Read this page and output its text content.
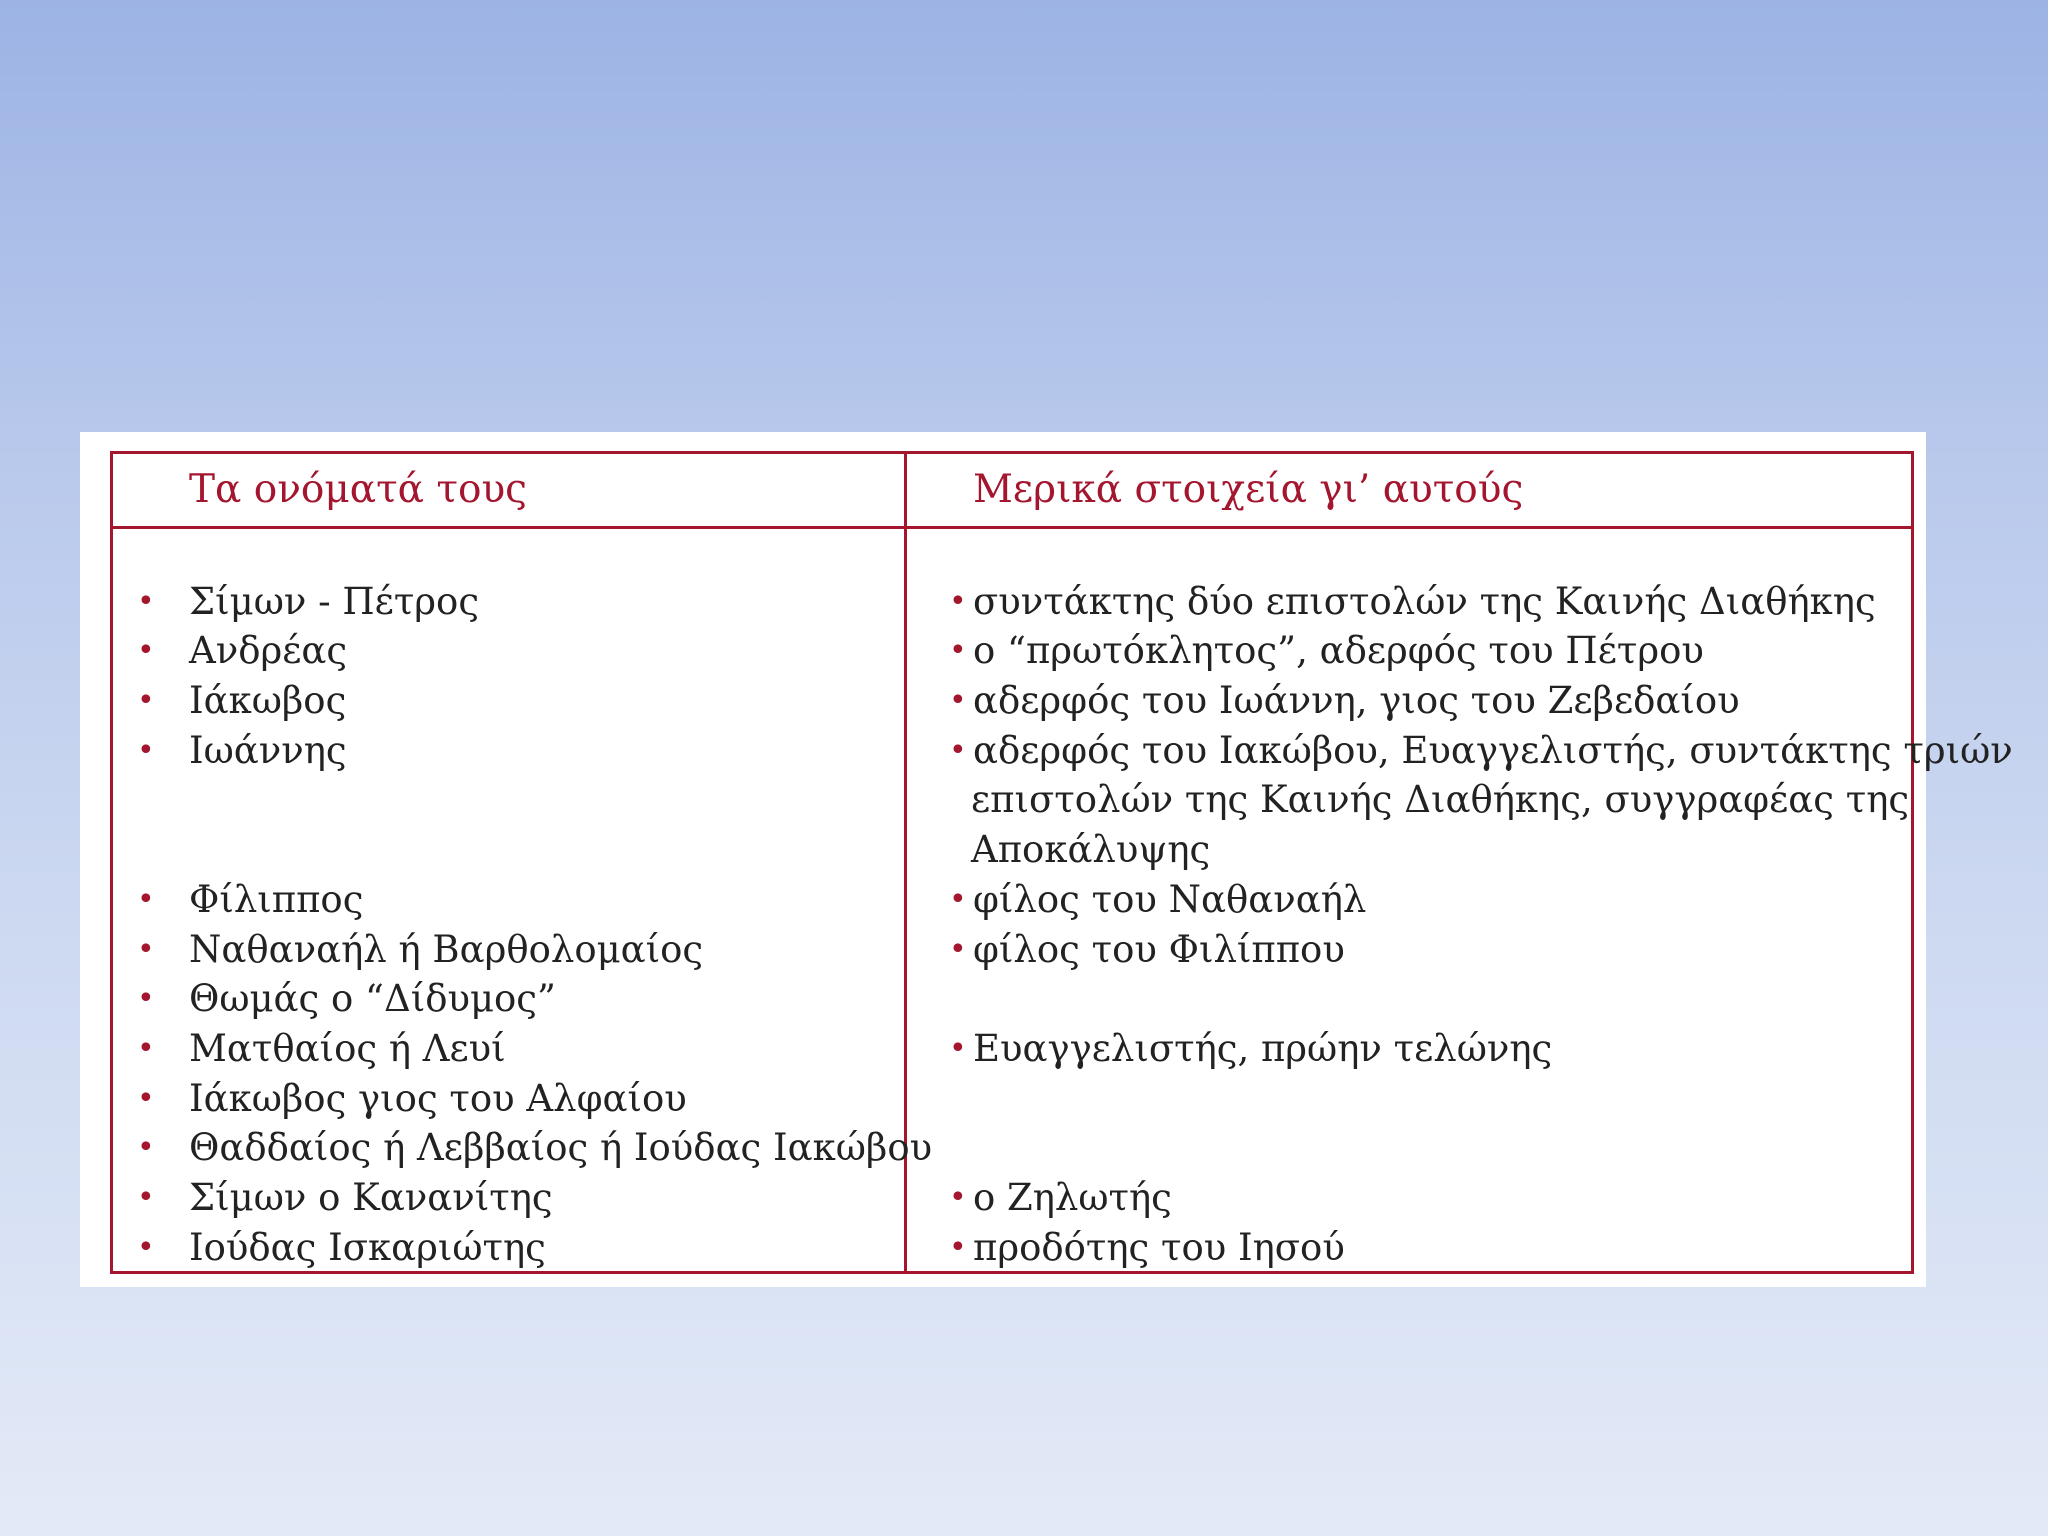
Τα ονόματά τους	Μερικά στοιχεία γι’ αυτούς
• Σίμων - Πέτρος
• Ανδρέας
• Ιάκωβος
• Ιωάννης
• Φίλιππος
• Ναθαναήλ ή Βαρθολομαίος
• Θωμάς ο “Δίδυμος”
• Ματθαίος ή Λευί
• Ιάκωβος γιος του Αλφαίου
• Θαδδαίος ή Λεββαίος ή Ιούδας Ιακώβου
• Σίμων ο Κανανίτης
• Ιούδας Ισκαριώτης
• συντάκτης δύο επιστολών της Καινής Διαθήκης
• ο “πρωτόκλητος”, αδερφός του Πέτρου
• αδερφός του Ιωάννη, γιος του Ζεβεδαίου
• αδερφός του Ιακώβου, Ευαγγελιστής, συντάκτης τριών
επιστολών της Καινής Διαθήκης, συγγραφέας της
Αποκάλυψης
• φίλος του Ναθαναήλ
• φίλος του Φιλίππου
• Ευαγγελιστής, πρώην τελώνης
• ο Ζηλωτής
• προδότης του Ιησού
